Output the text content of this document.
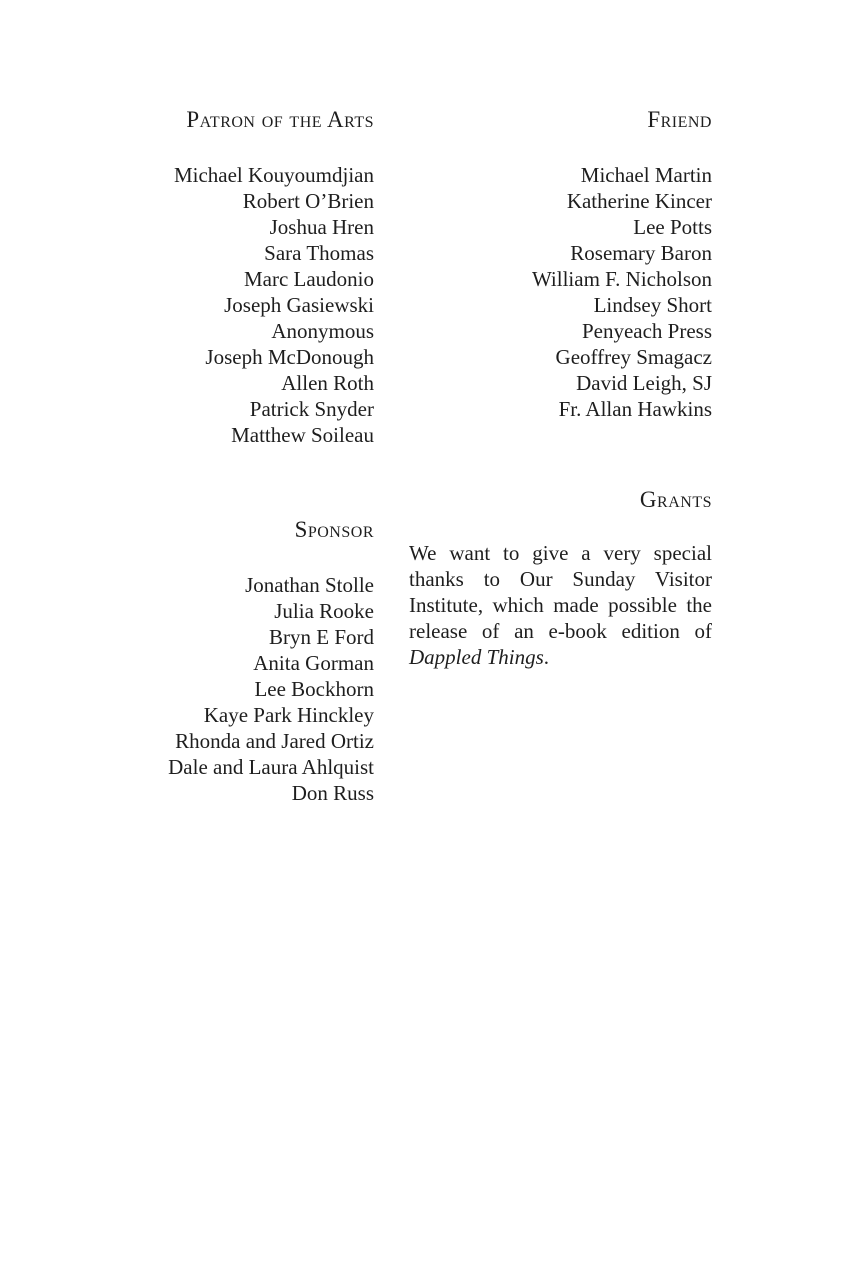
Patron of the Arts
Michael Kouyoumdjian
Robert O’Brien
Joshua Hren
Sara Thomas
Marc Laudonio
Joseph Gasiewski
Anonymous
Joseph McDonough
Allen Roth
Patrick Snyder
Matthew Soileau
Friend
Michael Martin
Katherine Kincer
Lee Potts
Rosemary Baron
William F. Nicholson
Lindsey Short
Penyeach Press
Geoffrey Smagacz
David Leigh, SJ
Fr. Allan Hawkins
Sponsor
Jonathan Stolle
Julia Rooke
Bryn E Ford
Anita Gorman
Lee Bockhorn
Kaye Park Hinckley
Rhonda and Jared Ortiz
Dale and Laura Ahlquist
Don Russ
Grants

We want to give a very special thanks to Our Sunday Visitor Institute, which made possible the release of an e-book edition of Dappled Things.
